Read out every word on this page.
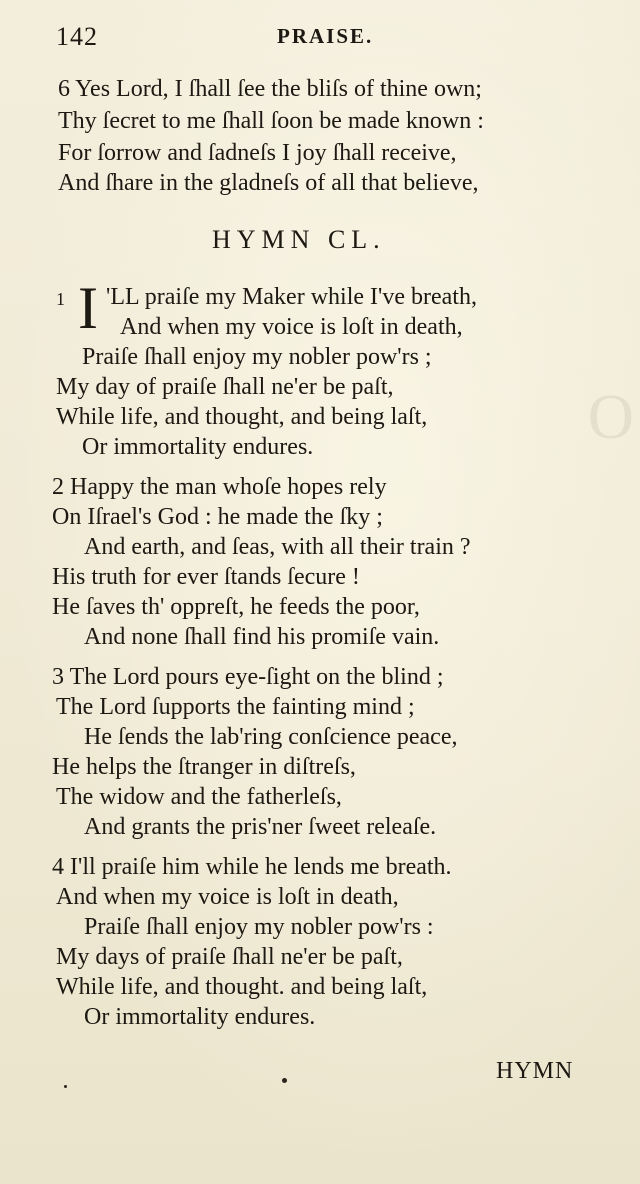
O
142	PRAISE.
6 Yes Lord, I ſhall ſee the bliſs of thine own;
Thy ſecret to me ſhall ſoon be made known :
For ſorrow and ſadneſs I joy ſhall receive,
And ſhare in the gladneſs of all that believe,
HYMN CL.
1 I 'LL praiſe my Maker while I've breath,
And when my voice is loſt in death,
Praiſe ſhall enjoy my nobler pow'rs ;
My day of praiſe ſhall ne'er be paſt,
While life, and thought, and being laſt,
Or immortality endures.
2 Happy the man whoſe hopes rely
On Iſrael's God : he made the ſky ;
And earth, and ſeas, with all their train ?
His truth for ever ſtands ſecure !
He ſaves th' oppreſt, he feeds the poor,
And none ſhall find his promiſe vain.
3 The Lord pours eye-ſight on the blind ;
The Lord ſupports the fainting mind ;
He ſends the lab'ring conſcience peace,
He helps the ſtranger in diſtreſs,
The widow and the fatherleſs,
And grants the pris'ner ſweet releaſe.
4 I'll praiſe him while he lends me breath.
And when my voice is loſt in death,
Praiſe ſhall enjoy my nobler pow'rs :
My days of praiſe ſhall ne'er be paſt,
While life, and thought. and being laſt,
Or immortality endures.
HYMN
